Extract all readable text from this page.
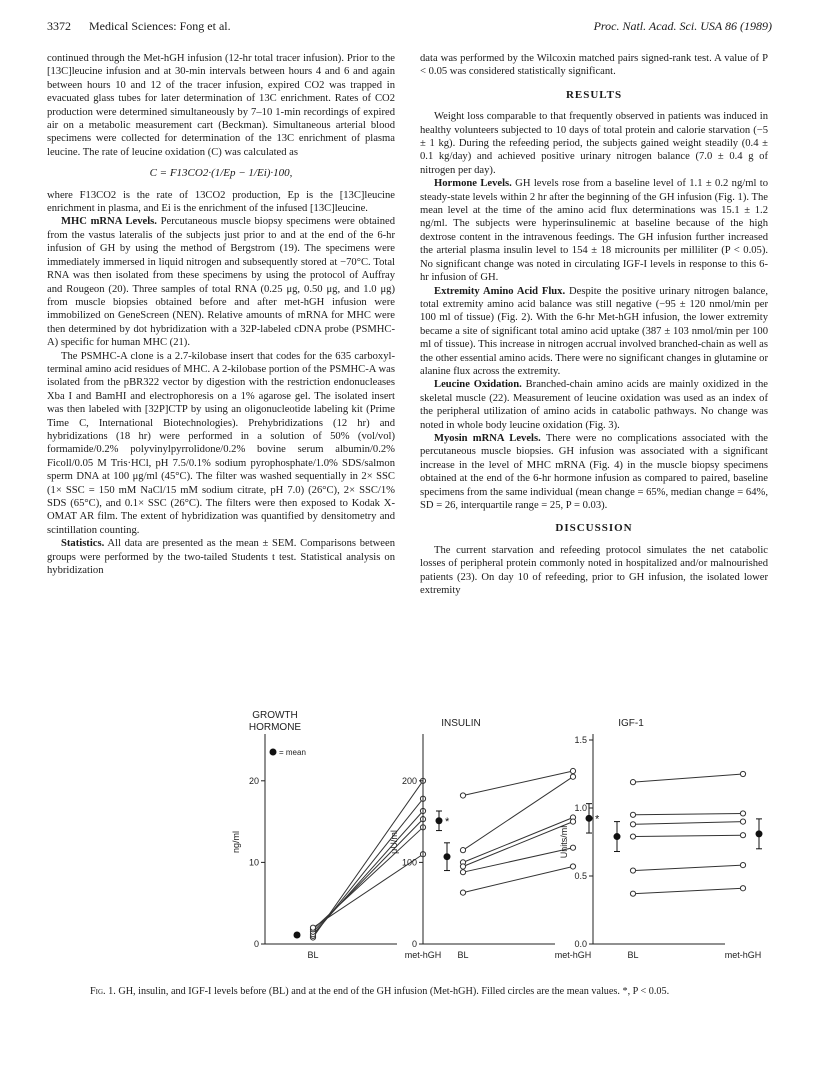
3372 Medical Sciences: Fong et al.	Proc. Natl. Acad. Sci. USA 86 (1989)

continued through the Met-hGH infusion (12-hr total tracer infusion). Prior to the [13C]leucine infusion and at 30-min intervals between hours 4 and 6 and again between hours 10 and 12 of the tracer infusion, expired CO2 was trapped in evacuated glass tubes for later determination of 13C enrichment. Rates of CO2 production were determined simultaneously by 7–10 1-min recordings of expired air on a metabolic measurement cart (Beckman). Simultaneous arterial blood specimens were collected for determination of the 13C enrichment of plasma leucine. The rate of leucine oxidation (C) was calculated as

C = F13CO2·(1/Ep − 1/Ei)·100,

where F13CO2 is the rate of 13CO2 production, Ep is the [13C]leucine enrichment in plasma, and Ei is the enrichment of the infused [13C]leucine.

MHC mRNA Levels. Percutaneous muscle biopsy specimens were obtained from the vastus lateralis of the subjects just prior to and at the end of the 6-hr infusion of GH by using the method of Bergstrom (19). The specimens were immediately immersed in liquid nitrogen and subsequently stored at −70°C. Total RNA was then isolated from these specimens by using the protocol of Auffray and Rougeon (20). Three samples of total RNA (0.25 μg, 0.50 μg, and 1.0 μg) from muscle biopsies obtained before and after met-hGH infusion were immobilized on GeneScreen (NEN). Relative amounts of mRNA for MHC were then determined by dot hybridization with a 32P-labeled cDNA probe (PSMHC-A) specific for human MHC (21).

The PSMHC-A clone is a 2.7-kilobase insert that codes for the 635 carboxyl-terminal amino acid residues of MHC. A 2-kilobase portion of the PSMHC-A was isolated from the pBR322 vector by digestion with the restriction endonucleases Xba I and BamHI and electrophoresis on a 1% agarose gel. The isolated insert was then labeled with [32P]CTP by using an oligonucleotide labeling kit (Prime Time C, International Biotechnologies). Prehybridizations (12 hr) and hybridizations (18 hr) were performed in a solution of 50% (vol/vol) formamide/0.2% polyvinylpyrrolidone/0.2% bovine serum albumin/0.2% Ficoll/0.05 M Tris·HCl, pH 7.5/0.1% sodium pyrophosphate/1.0% SDS/salmon sperm DNA at 100 μg/ml (45°C). The filter was washed sequentially in 2× SSC (1× SSC = 150 mM NaCl/15 mM sodium citrate, pH 7.0) (26°C), 2× SSC/1% SDS (65°C), and 0.1× SSC (26°C). The filters were then exposed to Kodak X-OMAT AR film. The extent of hybridization was quantified by densitometry and scintillation counting.

Statistics. All data are presented as the mean ± SEM. Comparisons between groups were performed by the two-tailed Students t test. Statistical analysis on hybridization

data was performed by the Wilcoxin matched pairs signed-rank test. A value of P < 0.05 was considered statistically significant.

RESULTS

Weight loss comparable to that frequently observed in patients was induced in healthy volunteers subjected to 10 days of total protein and calorie starvation (−5 ± 1 kg). During the refeeding period, the subjects gained weight steadily (0.4 ± 0.1 kg/day) and achieved positive urinary nitrogen balance (7.0 ± 0.4 g of nitrogen per day).

Hormone Levels. GH levels rose from a baseline level of 1.1 ± 0.2 ng/ml to steady-state levels within 2 hr after the beginning of the GH infusion (Fig. 1). The mean level at the time of the amino acid flux determinations was 15.1 ± 1.2 ng/ml. The subjects were hyperinsulinemic at baseline because of the high dextrose content in the intravenous feedings. The GH infusion further increased the arterial plasma insulin level to 154 ± 18 microunits per milliliter (P < 0.05). No significant change was noted in circulating IGF-I levels in response to this 6-hr infusion of GH.

Extremity Amino Acid Flux. Despite the positive urinary nitrogen balance, total extremity amino acid balance was still negative (−95 ± 120 nmol/min per 100 ml of tissue) (Fig. 2). With the 6-hr Met-hGH infusion, the lower extremity became a site of significant total amino acid uptake (387 ± 103 nmol/min per 100 ml of tissue). This increase in nitrogen accrual involved branched-chain as well as the other essential amino acids. There were no significant changes in glutamine or alanine flux across the extremity.

Leucine Oxidation. Branched-chain amino acids are mainly oxidized in the skeletal muscle (22). Measurement of leucine oxidation was used as an index of the peripheral utilization of amino acids in catabolic pathways. No change was noted in whole body leucine oxidation (Fig. 3).

Myosin mRNA Levels. There were no complications associated with the percutaneous muscle biopsies. GH infusion was associated with a significant increase in the level of MHC mRNA (Fig. 4) in the muscle biopsy specimens obtained at the end of the 6-hr hormone infusion as compared to paired, baseline specimens from the same individual (mean change = 65%, median change = 64%, SD = 26, interquartile range = 25, P = 0.03).

DISCUSSION

The current starvation and refeeding protocol simulates the net catabolic losses of peripheral protein commonly noted in hospitalized and/or malnourished patients (23). On day 10 of refeeding, prior to GH infusion, the isolated lower extremity

0
10
20
BL	met-hGH
ng/ml
GROWTH
HORMONE
= mean
*
0
100
200
BL	met-hGH
μU/ml
INSULIN
*
0.0
0.5
1.0
1.5
BL	met-hGH
Units/ml
IGF-1
Fig. 1. GH, insulin, and IGF-I levels before (BL) and at the end of the GH infusion (Met-hGH). Filled circles are the mean values. *, P < 0.05.
